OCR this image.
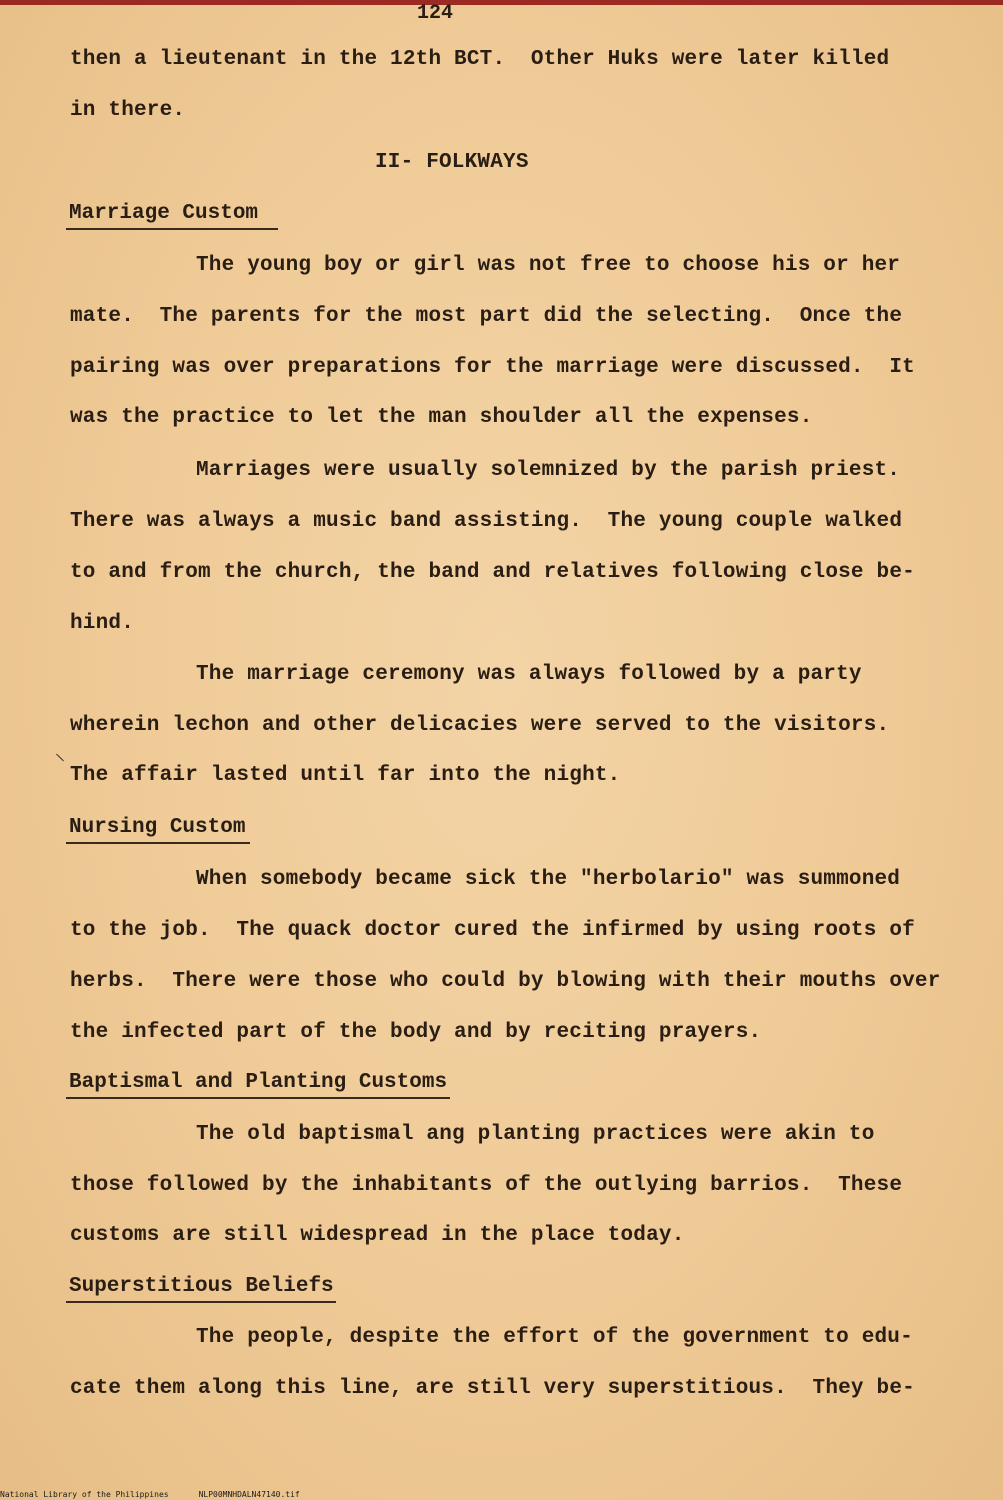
124
then a lieutenant in the 12th BCT.  Other Huks were later killed
in there.
II- FOLKWAYS
Marriage Custom
The young boy or girl was not free to choose his or her
mate.  The parents for the most part did the selecting.  Once the
pairing was over preparations for the marriage were discussed.  It
was the practice to let the man shoulder all the expenses.
Marriages were usually solemnized by the parish priest.
There was always a music band assisting.  The young couple walked
to and from the church, the band and relatives following close be-
hind.
The marriage ceremony was always followed by a party
wherein lechon and other delicacies were served to the visitors.
The affair lasted until far into the night.
Nursing Custom
When somebody became sick the "herbolario" was summoned
to the job.  The quack doctor cured the infirmed by using roots of
herbs.  There were those who could by blowing with their mouths over
the infected part of the body and by reciting prayers.
Baptismal and Planting Customs
The old baptismal ang planting practices were akin to
those followed by the inhabitants of the outlying barrios.  These
customs are still widespread in the place today.
Superstitious Beliefs
The people, despite the effort of the government to edu-
cate them along this line, are still very superstitious.  They be-
National Library of the Philippines	NLP00MNHDALN47140.tif
